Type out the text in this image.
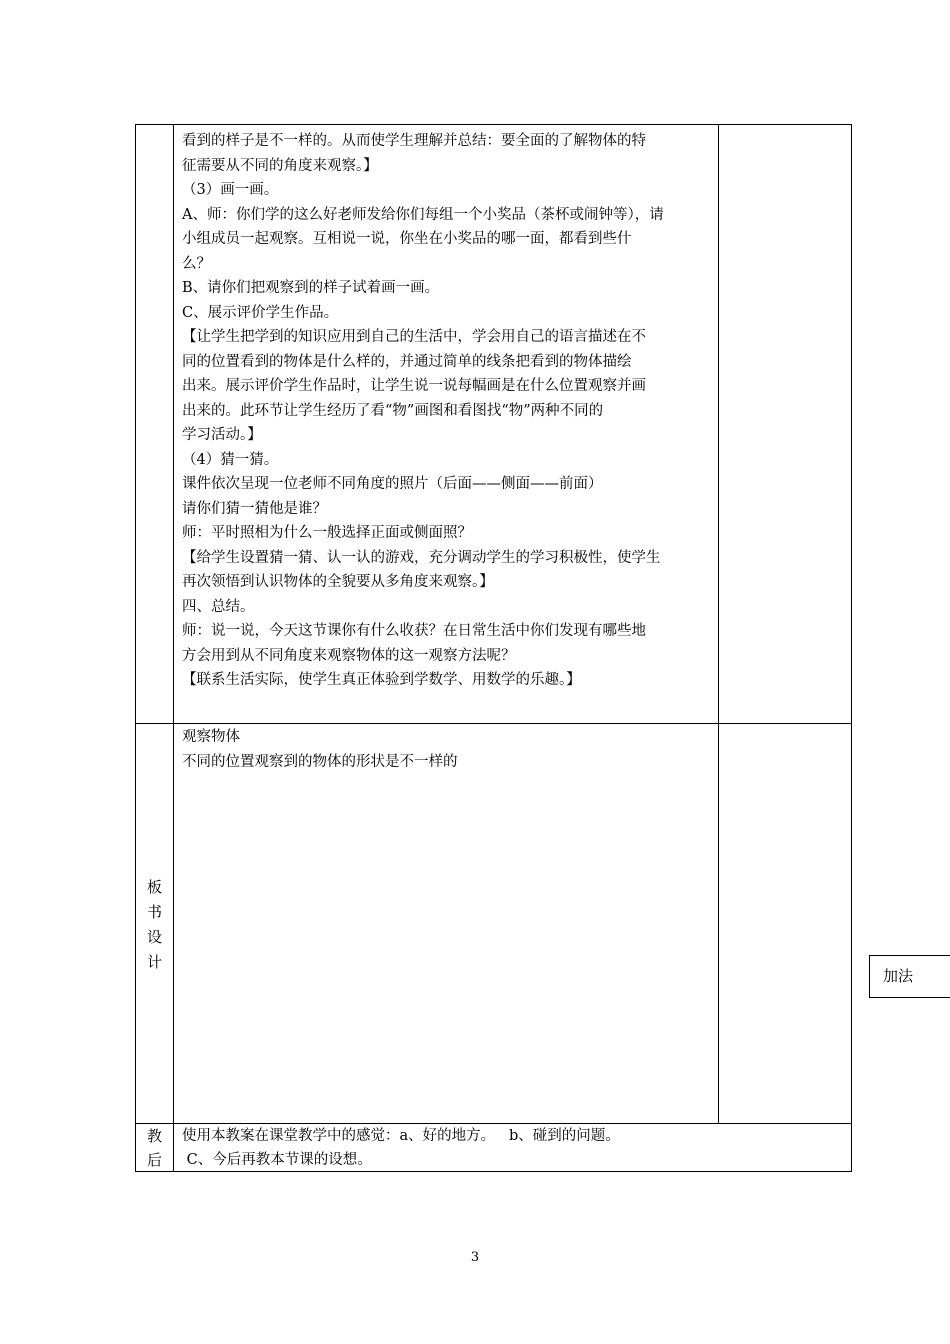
看到的样子是不一样的。从而使学生理解并总结：要全面的了解物体的特

征需要从不同的角度来观察。】

（3）画一画。

A、师：你们学的这么好老师发给你们每组一个小奖品（茶杯或闹钟等），请

小组成员一起观察。互相说一说，你坐在小奖品的哪一面，都看到些什

么？

B、请你们把观察到的样子试着画一画。

C、展示评价学生作品。

【让学生把学到的知识应用到自己的生活中，学会用自己的语言描述在不

同的位置看到的物体是什么样的，并通过简单的线条把看到的物体描绘

出来。展示评价学生作品时，让学生说一说每幅画是在什么位置观察并画

出来的。此环节让学生经历了看“物”画图和看图找“物”两种不同的

学习活动。】

（4）猜一猜。

课件依次呈现一位老师不同角度的照片（后面——侧面——前面）

请你们猜一猜他是谁？

师：平时照相为什么一般选择正面或侧面照？

【给学生设置猜一猜、认一认的游戏，充分调动学生的学习积极性，使学生

再次领悟到认识物体的全貌要从多角度来观察。】

四、总结。

师：说一说，今天这节课你有什么收获？在日常生活中你们发现有哪些地

方会用到从不同角度来观察物体的这一观察方法呢？

【联系生活实际，使学生真正体验到学数学、用数学的乐趣。】

板
书
设
计

观察物体

不同的位置观察到的物体的形状是不一样的

教
后

使用本教案在课堂教学中的感觉：a、好的地方。   b、碰到的问题。

C、今后再教本节课的设想。

加法
3
